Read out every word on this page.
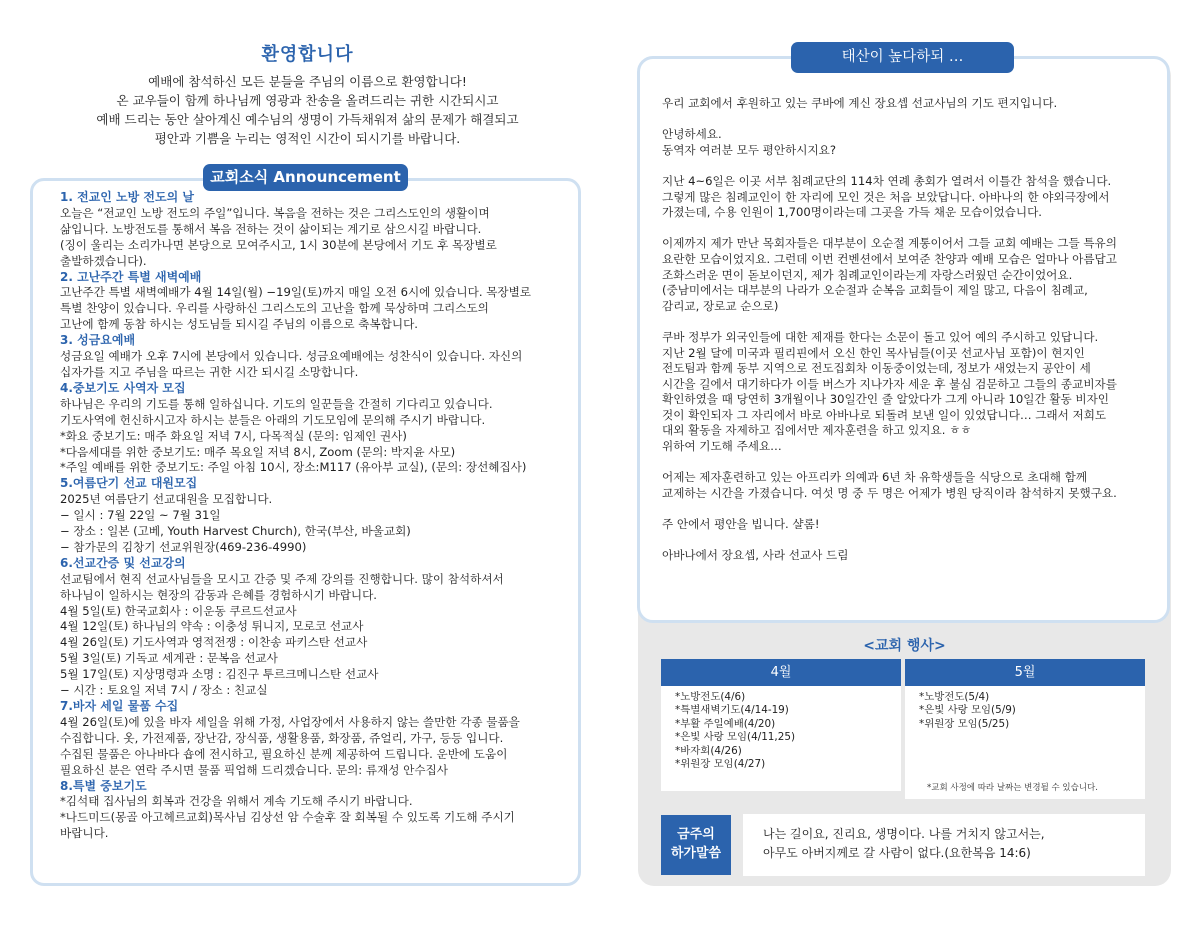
환영합니다

예배에 참석하신 모든 분들을 주님의 이름으로 환영합니다!

온 교우들이 함께 하나님께 영광과 찬송을 올려드리는 귀한 시간되시고

예배 드리는 동안 살아계신 예수님의 생명이 가득채워져 삶의 문제가 해결되고

평안과 기쁨을 누리는 영적인 시간이 되시기를 바랍니다.

교회소식 Announcement
1. 전교인 노방 전도의 날
오늘은 “전교인 노방 전도의 주일”입니다. 복음을 전하는 것은 그리스도인의 생활이며
삶입니다. 노방전도를 통해서 복음 전하는 것이 삶이되는 계기로 삼으시길 바랍니다.
(징이 울리는 소리가나면 본당으로 모여주시고, 1시 30분에 본당에서 기도 후 목장별로
출발하겠습니다).
2. 고난주간 특별 새벽예배
고난주간 특별 새벽예배가 4월 14일(월) −19일(토)까지 매일 오전 6시에 있습니다. 목장별로
특별 찬양이 있습니다. 우리를 사랑하신 그리스도의 고난을 함께 묵상하며 그리스도의
고난에 함께 동참 하시는 성도님들 되시길 주님의 이름으로 축복합니다.
3. 성금요예배
성금요일 예배가 오후 7시에 본당에서 있습니다. 성금요예배에는 성찬식이 있습니다. 자신의
십자가를 지고 주님을 따르는 귀한 시간 되시길 소망합니다.
4.중보기도 사역자 모집
하나님은 우리의 기도를 통해 일하십니다. 기도의 일꾼들을 간절히 기다리고 있습니다.
기도사역에 헌신하시고자 하시는 분들은 아래의 기도모임에 문의해 주시기 바랍니다.
*화요 중보기도: 매주 화요일 저녁 7시, 다목적실 (문의: 임제인 권사)
*다음세대를 위한 중보기도: 매주 목요일 저녁 8시, Zoom (문의: 박지윤 사모)
*주일 예배를 위한 중보기도: 주일 아침 10시, 장소:M117 (유아부 교실), (문의: 장선혜집사)
5.여름단기 선교 대원모집
2025년 여름단기 선교대원을 모집합니다.
− 일시 : 7월 22일 ~ 7월 31일
− 장소 : 일본 (고베, Youth Harvest Church), 한국(부산, 바울교회)
− 참가문의 김창기 선교위원장(469-236-4990)
6.선교간증 및 선교강의
선교팀에서 현직 선교사님들을 모시고 간증 및 주제 강의를 진행합니다. 많이 참석하셔서
하나님이 일하시는 현장의 감동과 은혜를 경험하시기 바랍니다.
4월 5일(토) 한국교회사 : 이운동 쿠르드선교사
4월 12일(토) 하나님의 약속 : 이충성 튀니지, 모로코 선교사
4월 26일(토) 기도사역과 영적전쟁 : 이찬송 파키스탄 선교사
5월 3일(토) 기독교 세계관 : 문복음 선교사
5월 17일(토) 지상명령과 소명 : 김진구 투르크메니스탄 선교사
− 시간 : 토요일 저녁 7시 / 장소 : 친교실
7.바자 세일 물품 수집
4월 26일(토)에 있을 바자 세일을 위해 가정, 사업장에서 사용하지 않는 쓸만한 각종 물품을
수집합니다. 옷, 가전제품, 장난감, 장식품, 생활용품, 화장품, 쥬얼리, 가구, 등등 입니다.
수집된 물품은 아나바다 숍에 전시하고, 필요하신 분께 제공하여 드립니다. 운반에 도움이
필요하신 분은 연락 주시면 물품 픽업해 드리겠습니다. 문의: 류재성 안수집사
8.특별 중보기도
*김석태 집사님의 회복과 건강을 위해서 계속 기도해 주시기 바랍니다.
*나드미드(몽골 아고헤르교회)목사님 김상선 암 수술후 잘 회복될 수 있도록 기도해 주시기
바랍니다.
태산이 높다하되 …
우리 교회에서 후원하고 있는 쿠바에 계신 장요셉 선교사님의 기도 편지입니다.
안녕하세요.
동역자 여러분 모두 평안하시지요?
지난 4~6일은 이곳 서부 침례교단의 114차 연례 총회가 열려서 이틀간 참석을 했습니다.
그렇게 많은 침례교인이 한 자리에 모인 것은 처음 보았답니다. 아바나의 한 야외극장에서
가졌는데, 수용 인원이 1,700명이라는데 그곳을 가득 채운 모습이었습니다.
이제까지 제가 만난 목회자들은 대부분이 오순절 계통이어서 그들 교회 예배는 그들 특유의
요란한 모습이었지요. 그런데 이번 컨벤션에서 보여준 찬양과 예배 모습은 얼마나 아름답고
조화스러운 면이 돋보이던지, 제가 침례교인이라는게 자랑스러웠던 순간이었어요.
(중남미에서는 대부분의 나라가 오순절과 순복음 교회들이 제일 많고, 다음이 침례교,
감리교, 장로교 순으로)
쿠바 정부가 외국인들에 대한 제재를 한다는 소문이 돌고 있어 예의 주시하고 있답니다.
지난 2월 달에 미국과 필리핀에서 오신 한인 목사님들(이곳 선교사님 포함)이 현지인
전도팀과 함께 동부 지역으로 전도집회차 이동중이었는데, 정보가 새었는지 공안이 세
시간을 길에서 대기하다가 이들 버스가 지나가자 세운 후 불심 검문하고 그들의 종교비자를
확인하였을 때 당연히 3개월이나 30일간인 줄 알았다가 그게 아니라 10일간 활동 비자인
것이 확인되자 그 자리에서 바로 아바나로 되돌려 보낸 일이 있었답니다… 그래서 저희도
대외 활동을 자제하고 집에서만 제자훈련을 하고 있지요. ㅎㅎ
위하여 기도해 주세요…
어제는 제자훈련하고 있는 아프리카 의예과 6년 차 유학생들을 식당으로 초대해 함께
교제하는 시간을 가졌습니다. 여섯 명 중 두 명은 어제가 병원 당직이라 참석하지 못했구요.
주 안에서 평안을 빕니다. 샬롬!
아바나에서 장요셉, 사라 선교사 드림
<교회 행사>
4월
* 노방전도(4/6)
* 특별새벽기도(4/14-19)
* 부활 주일예배(4/20)
* 은빛 사랑 모임(4/11,25)
* 바자회(4/26)
* 위원장 모임(4/27)
5월
* 노방전도(5/4)
* 은빛 사랑 모임(5/9)
* 위원장 모임(5/25)
*교회 사정에 따라 날짜는 변경될 수 있습니다.
금주의
하가말씀
나는 길이요, 진리요, 생명이다. 나를 거치지 않고서는,
아무도 아버지께로 갈 사람이 없다.(요한복음 14:6)
